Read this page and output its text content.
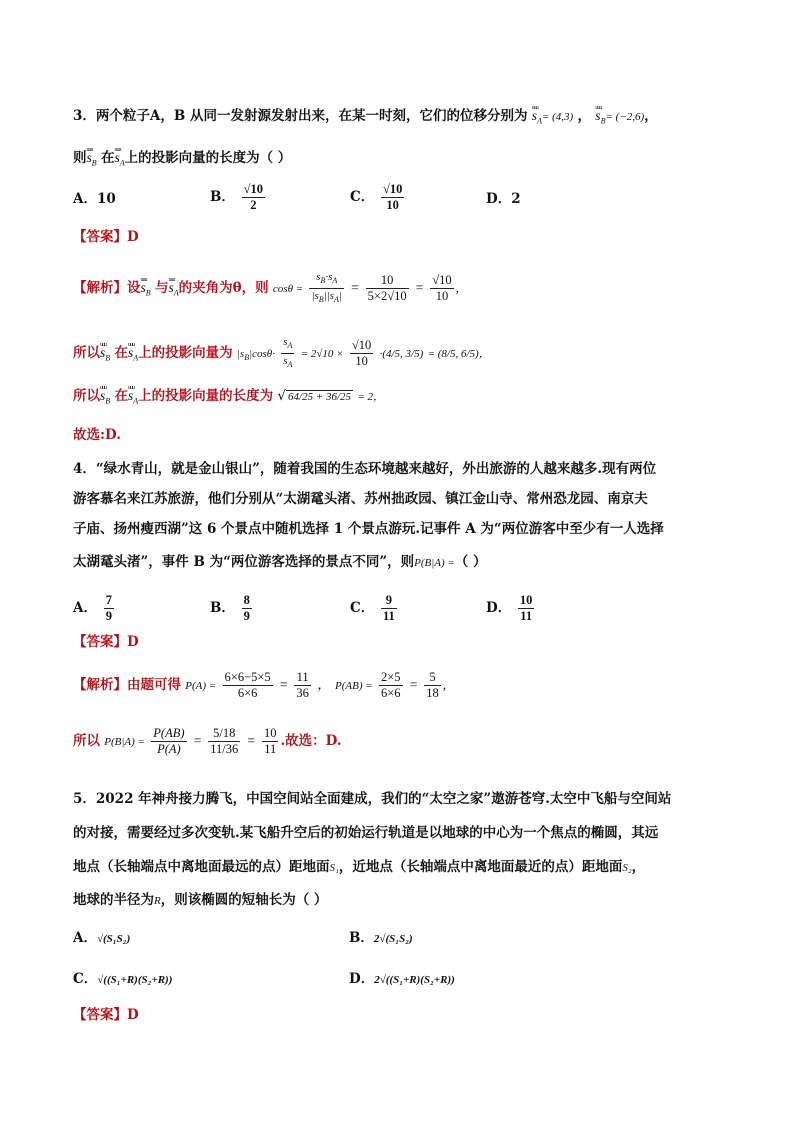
3．两个粒子A，B 从同一发射源发射出来，在某一时刻，它们的位移分别为 uuu $s_A= (4,3)$ ， uuu $s_B= (-2,6)$，
则uuu $s_B$ 在uuu $s_A$上的投影向量的长度为（ ）
A．10	B． $\frac{√10}{2}$	C． $\frac{√10}{10}$	D．2
【答案】D
【解析】设uuu $s_B$ 与uuu $s_A$的夹角为θ，则 $\cos\theta = \frac{s_B\cdot s_A}{|s_B||s_A|} = \frac{10}{5\times 2√10} = \frac{√10}{10}$ ,
所以uuu $s_B$ 在uuu $s_A$上的投影向量为 $|s_B|\cos\theta\cdot \frac{s_A}{s_A} = 2√10 \times \frac{√10}{10} \cdot(4/5$, 3/5) = (8/5, 6/5)，
所以uuu $s_B$ 在uuu $s_A$上的投影向量的长度为 √ 64/25 + 36/25 = 2，
故选:D.
4．“绿水青山，就是金山银山”，随着我国的生态环境越来越好，外出旅游的人越来越多.现有两位
游客慕名来江苏旅游，他们分别从“太湖鼋头渚、苏州拙政园、镇江金山寺、常州恐龙园、南京夫
子庙、扬州瘦西湖”这 6 个景点中随机选择 1 个景点游玩.记事件 A 为“两位游客中至少有一人选择
太湖鼋头渚”，事件 B 为“两位游客选择的景点不同”，则P(B|A) =（ ）
A． $\frac{7}{9}$	B． $\frac{8}{9}$	C． $\frac{9}{11}$	D． $\frac{10}{11}$
【答案】D
【解析】由题可得 $P(A) = \frac{6\times 6-5\times 5}{6\times 6} = \frac{11}{36}$ ， $P(AB) = \frac{2\times 5}{6\times 6} = \frac{5}{18}$ ,
所以 $P(B|A) = \frac{P(AB)}{P(A)} = \frac{5/18}{11/36} = \frac{10}{11}$ .故选：D.
5．2022 年神舟接力腾飞，中国空间站全面建成，我们的“太空之家”遨游苍穹.太空中飞船与空间站
的对接，需要经过多次变轨.某飞船升空后的初始运行轨道是以地球的中心为一个焦点的椭圆，其远
地点（长轴端点中离地面最远的点）距地面S₁，近地点（长轴端点中离地面最近的点）距地面S₂，
地球的半径为R，则该椭圆的短轴长为（ ）
A．√(S₁S₂)	B．2√(S₁S₂)
C．√((S₁+R)(S₂+R))	D．2√((S₁+R)(S₂+R))
【答案】D
